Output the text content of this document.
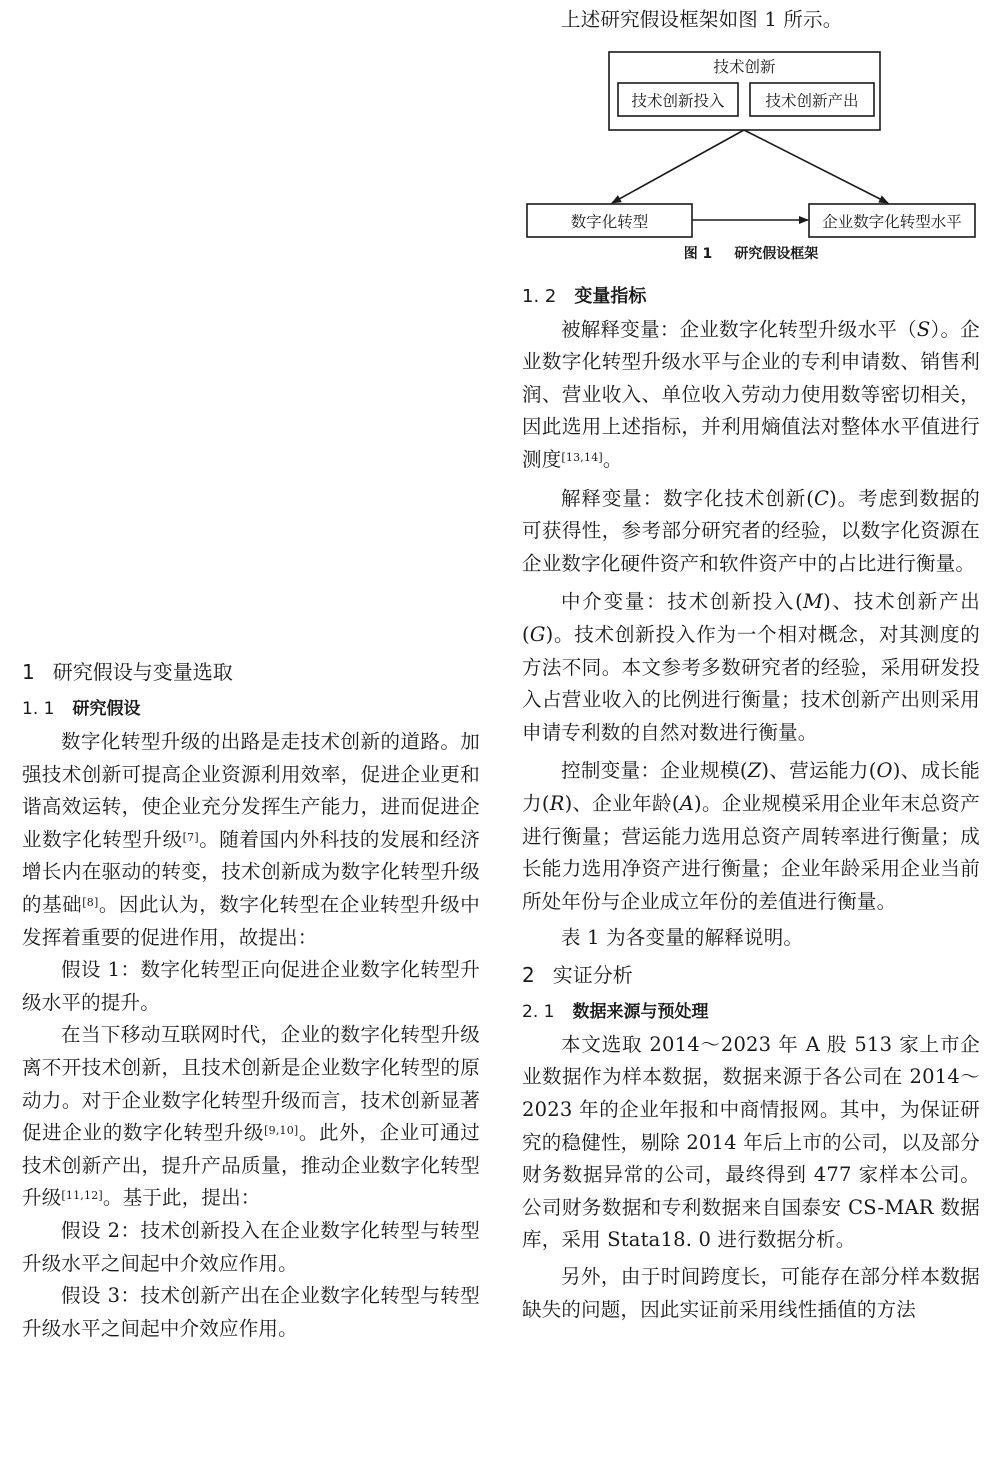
1 研究假设与变量选取
1. 1 研究假设

数字化转型升级的出路是走技术创新的道路。加强技术创新可提高企业资源利用效率，促进企业更和谐高效运转，使企业充分发挥生产能力，进而促进企业数字化转型升级[7]。随着国内外科技的发展和经济增长内在驱动的转变，技术创新成为数字化转型升级的基础[8]。因此认为，数字化转型在企业转型升级中发挥着重要的促进作用，故提出：

假设 1：数字化转型正向促进企业数字化转型升级水平的提升。

在当下移动互联网时代，企业的数字化转型升级离不开技术创新，且技术创新是企业数字化转型的原动力。对于企业数字化转型升级而言，技术创新显著促进企业的数字化转型升级[9,10]。此外，企业可通过技术创新产出，提升产品质量，推动企业数字化转型升级[11,12]。基于此，提出：

假设 2：技术创新投入在企业数字化转型与转型升级水平之间起中介效应作用。

假设 3：技术创新产出在企业数字化转型与转型升级水平之间起中介效应作用。

上述研究假设框架如图 1 所示。

技术创新
技术创新投入	技术创新产出
数字化转型	企业数字化转型水平
图 1 研究假设框架
1. 2 变量指标

被解释变量：企业数字化转型升级水平（S）。企业数字化转型升级水平与企业的专利申请数、销售利润、营业收入、单位收入劳动力使用数等密切相关，因此选用上述指标，并利用熵值法对整体水平值进行测度[13,14]。

解释变量：数字化技术创新(C)。考虑到数据的可获得性，参考部分研究者的经验，以数字化资源在企业数字化硬件资产和软件资产中的占比进行衡量。

中介变量：技术创新投入(M)、技术创新产出(G)。技术创新投入作为一个相对概念，对其测度的方法不同。本文参考多数研究者的经验，采用研发投入占营业收入的比例进行衡量；技术创新产出则采用申请专利数的自然对数进行衡量。

控制变量：企业规模(Z)、营运能力(O)、成长能力(R)、企业年龄(A)。企业规模采用企业年末总资产进行衡量；营运能力选用总资产周转率进行衡量；成长能力选用净资产进行衡量；企业年龄采用企业当前所处年份与企业成立年份的差值进行衡量。

表 1 为各变量的解释说明。

2 实证分析
2. 1 数据来源与预处理

本文选取 2014～2023 年 A 股 513 家上市企业数据作为样本数据，数据来源于各公司在 2014～2023 年的企业年报和中商情报网。其中，为保证研究的稳健性，剔除 2014 年后上市的公司，以及部分财务数据异常的公司，最终得到 477 家样本公司。公司财务数据和专利数据来自国泰安 CS-MAR 数据库，采用 Stata18. 0 进行数据分析。

另外，由于时间跨度长，可能存在部分样本数据缺失的问题，因此实证前采用线性插值的方法
